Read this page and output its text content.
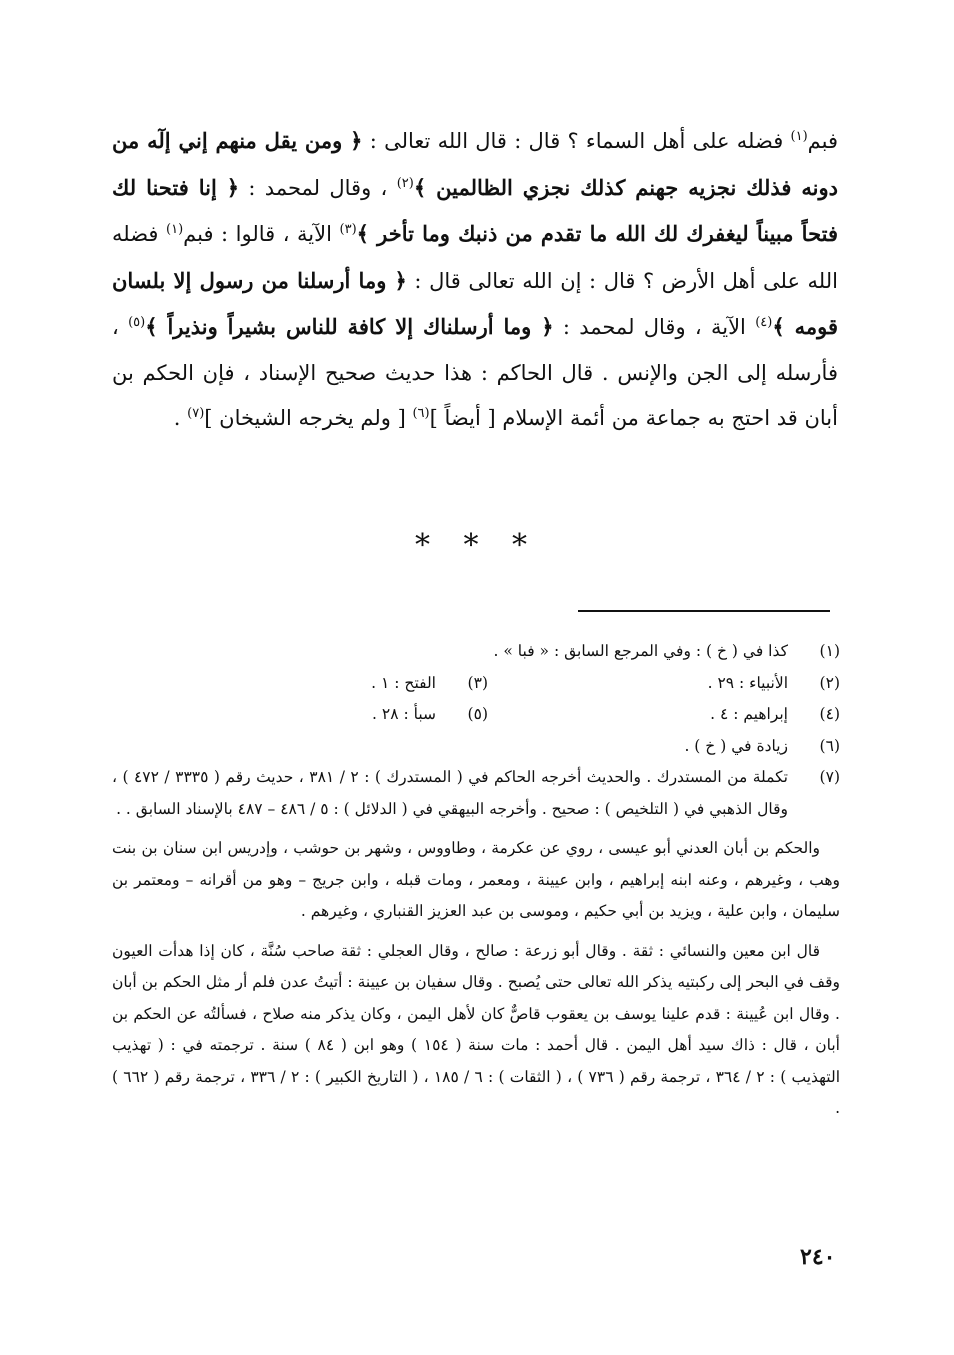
فبم$^{(١)}$ فضله على أهل السماء ؟ قال : قال الله تعالى : ﴿ ومن يقل منهم إني إلٓه من دونه فذلك نجزيه جهنم كذلك نجزي الظالمين ﴾$^{(٢)}$ ، وقال لمحمد : ﴿ إنا فتحنا لك فتحاً مبيناً ليغفرك لك الله ما تقدم من ذنبك وما تأخر ﴾$^{(٣)}$ الآية ، قالوا : فبم$^{(١)}$ فضله الله على أهل الأرض ؟ قال : إن الله تعالى قال : ﴿ وما أرسلنا من رسول إلا بلسان قومه ﴾$^{(٤)}$ الآية ، وقال لمحمد : ﴿ وما أرسلناك إلا كافة للناس بشيراً ونذيراً ﴾$^{(٥)}$ ، فأرسله إلى الجن والإنس . قال الحاكم : هذا حديث صحيح الإسناد ، فإن الحكم بن أبان قد احتج به جماعة من أئمة الإسلام [ أيضاً ]$^{(٦)}$ [ ولم يخرجه الشيخان ]$^{(٧)}$ .
* * *
(١)
كذا في ( خ ) : وفي المرجع السابق : « فبا » .
(٢)
الأنبياء : ٢٩ .
(٣)
الفتح : ١ .
(٤)
إبراهيم : ٤ .
(٥)
سبأ : ٢٨ .
(٦)
زيادة في ( خ ) .
(٧)
تكملة من المستدرك . والحديث أخرجه الحاكم في ( المستدرك ) : ٢ / ٣٨١ ، حديث رقم ( ٣٣٣٥ / ٤٧٢ ) ، وقال الذهبي في ( التلخيص ) : صحيح . وأخرجه البيهقي في ( الدلائل ) : ٥ / ٤٨٦ – ٤٨٧ بالإسناد السابق . .
والحكم بن أبان العدني أبو عيسى ، روي عن عكرمة ، وطاووس ، وشهر بن حوشب ، وإدريس ابن سنان بن بنت وهب ، وغيرهم ، وعنه ابنه إبراهيم ، وابن عيينة ، ومعمر ، ومات قبله ، وابن جريج – وهو من أقرانه – ومعتمر بن سليمان ، وابن علية ، ويزيد بن أبي حكيم ، وموسى بن عبد العزيز القنباري ، وغيرهم .
قال ابن معين والنسائي : ثقة . وقال أبو زرعة : صالح ، وقال العجلي : ثقة صاحب سُنَّة ، كان إذا هدأت العيون وقف في البحر إلى ركبتيه يذكر الله تعالى حتى يُصبح . وقال سفيان بن عيينة : أتيتُ عدن فلم أر مثل الحكم بن أبان . وقال ابن عُيينة : قدم علينا يوسف بن يعقوب قاصٌّ كان لأهل اليمن ، وكان يذكر منه صلاح ، فسألتُه عن الحكم بن أبان ، قال : ذاك سيد أهل اليمن . قال أحمد : مات سنة ( ١٥٤ ) وهو ابن ( ٨٤ ) سنة . ترجمته في : ( تهذيب التهذيب ) : ٢ / ٣٦٤ ، ترجمة رقم ( ٧٣٦ ) ، ( الثقات ) : ٦ / ١٨٥ ، ( التاريخ الكبير ) : ٢ / ٣٣٦ ، ترجمة رقم ( ٦٦٢ ) .
٢٤٠
